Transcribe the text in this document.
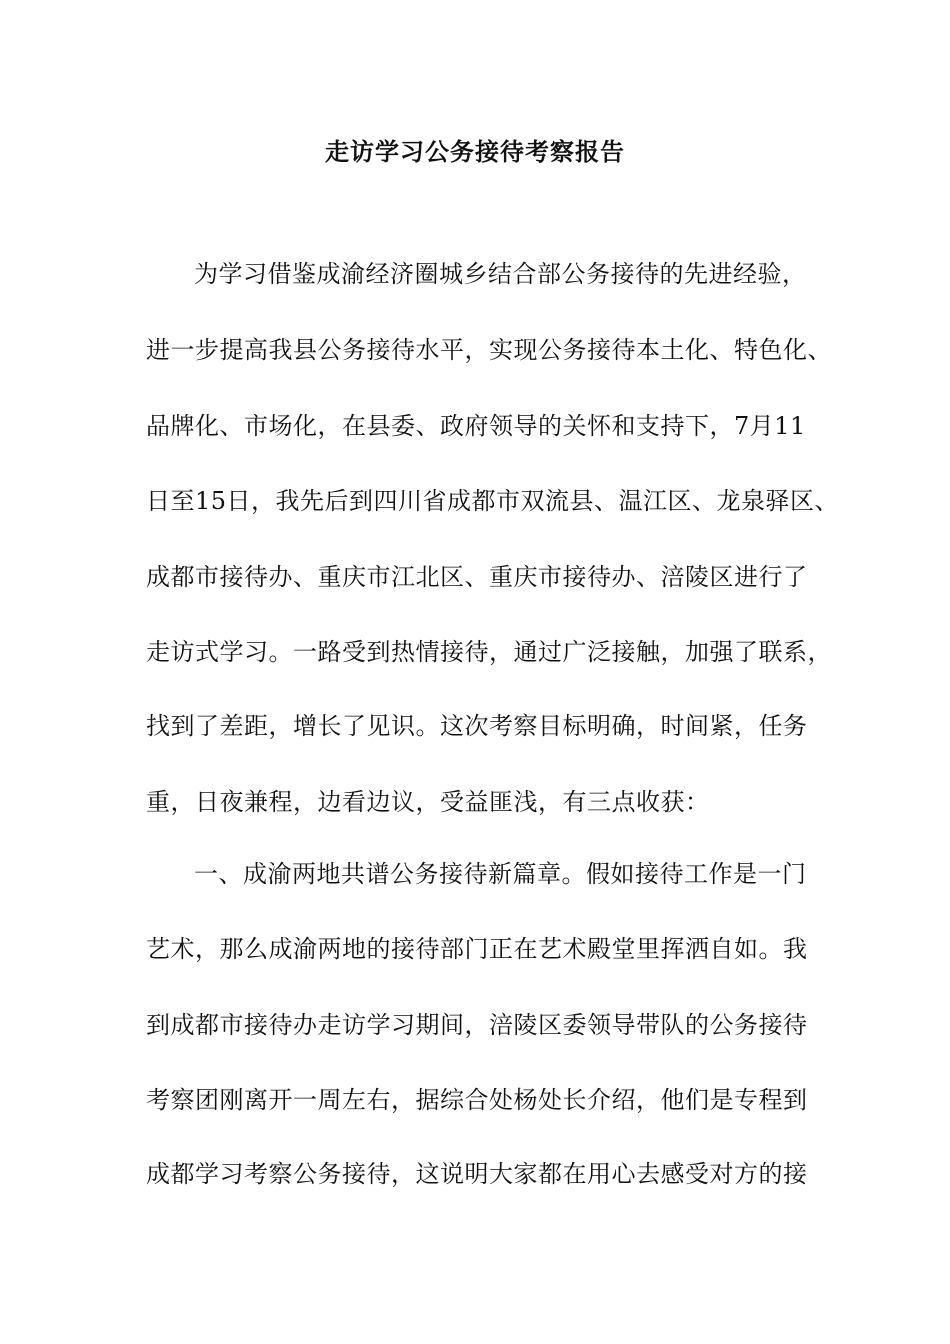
走访学习公务接待考察报告
为学习借鉴成渝经济圈城乡结合部公务接待的先进经验，
进一步提高我县公务接待水平，实现公务接待本土化、特色化、
品牌化、市场化，在县委、政府领导的关怀和支持下，7月11
日至15日，我先后到四川省成都市双流县、温江区、龙泉驿区、
成都市接待办、重庆市江北区、重庆市接待办、涪陵区进行了
走访式学习。一路受到热情接待，通过广泛接触，加强了联系，
找到了差距，增长了见识。这次考察目标明确，时间紧，任务
重，日夜兼程，边看边议，受益匪浅，有三点收获：
一、成渝两地共谱公务接待新篇章。假如接待工作是一门
艺术，那么成渝两地的接待部门正在艺术殿堂里挥洒自如。我
到成都市接待办走访学习期间，涪陵区委领导带队的公务接待
考察团刚离开一周左右，据综合处杨处长介绍，他们是专程到
成都学习考察公务接待，这说明大家都在用心去感受对方的接
